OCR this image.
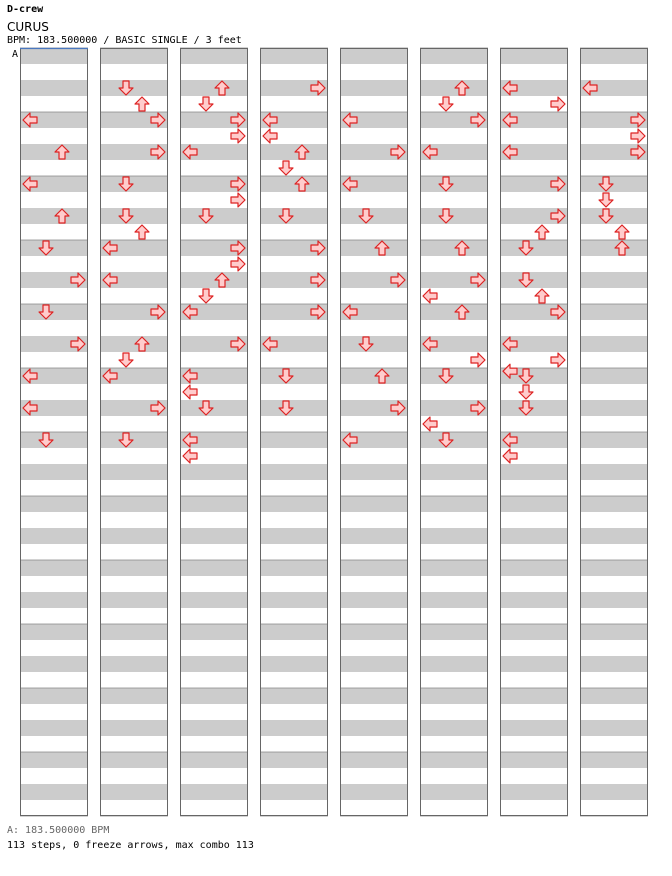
D-crew
CURUS
BPM: 183.500000 / BASIC SINGLE / 3 feet
A
A: 183.500000 BPM
113 steps, 0 freeze arrows, max combo 113
